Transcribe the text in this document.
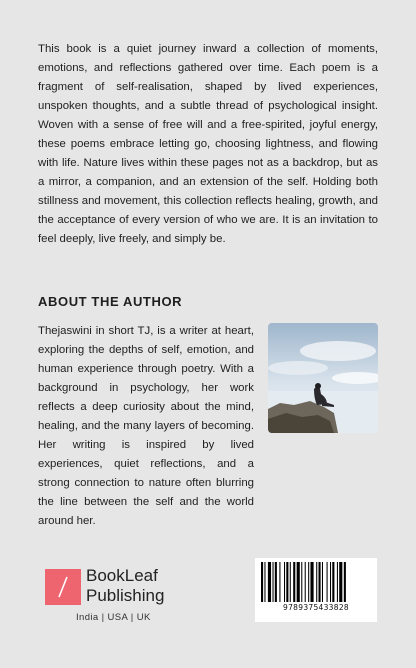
This book is a quiet journey inward a collection of moments, emotions, and reflections gathered over time. Each poem is a fragment of self-realisation, shaped by lived experiences, unspoken thoughts, and a subtle thread of psychological insight. Woven with a sense of free will and a free-spirited, joyful energy, these poems embrace letting go, choosing lightness, and flowing with life. Nature lives within these pages not as a backdrop, but as a mirror, a companion, and an extension of the self. Holding both stillness and movement, this collection reflects healing, growth, and the acceptance of every version of who we are. It is an invitation to feel deeply, live freely, and simply be.

ABOUT THE AUTHOR

Thejaswini in short TJ, is a writer at heart, exploring the depths of self, emotion, and human experience through poetry. With a background in psychology, her work reflects a deep curiosity about the mind, healing, and the many layers of becoming. Her writing is inspired by lived experiences, quiet reflections, and a strong connection to nature often blurring the line between the self and the world around her.

BookLeaf
Publishing
India | USA | UK
9789375433828
